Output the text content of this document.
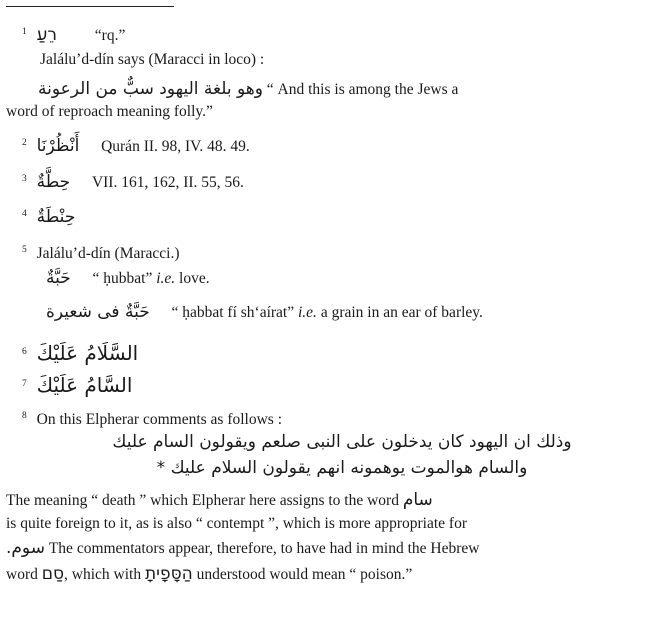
$^1$ רֵעַ “rq.”
Jalálu’d-dín says (Maracci in loco) :
وهو بلغة اليهود سبٌّ من الرعونة “ And this is among the Jews a
word of reproach meaning folly.”
$^2$ أَنْظُرْنَا Qurán II. 98, IV. 48. 49.
$^3$ حِطَّةٌ VII. 161, 162, II. 55, 56.
$^4$ حِنْطَةٌ
$^5$ Jalálu’d-dín (Maracci.)
حَبَّةٌ “ ḥubbat” i.e. love.
حَبَّةٌ فى شعيرة “ ḥabbat fí sh‘aírat” i.e. a grain in an ear of barley.
$^6$ السَّلَامُ عَلَيْكَ
$^7$ السَّامُ عَلَيْكَ
$^8$ On this Elpherar comments as follows :
وذلك ان اليهود كان يدخلون على النبى صلعم ويقولون السام عليك
والسام هوالموت يوهمونه انهم يقولون السلام عليك *
The meaning “ death ” which Elpherar here assigns to the word سام
is quite foreign to it, as is also “ contempt ”, which is more appropriate for
سوم. The commentators appear, therefore, to have had in mind the Hebrew
word סַם, which with הַסָּפָיתָ understood would mean “ poison.”
